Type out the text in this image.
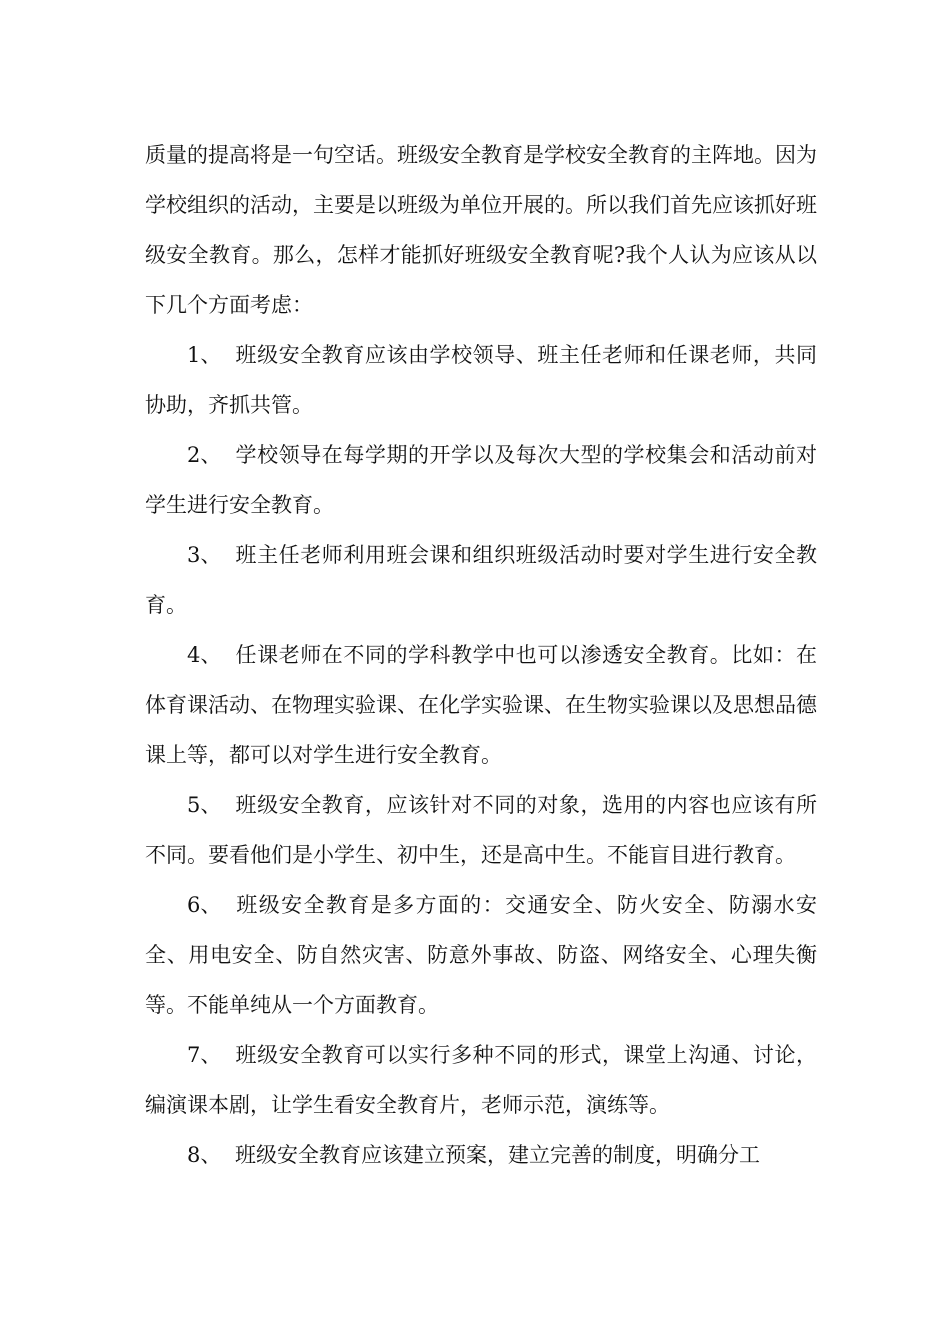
质量的提高将是一句空话。班级安全教育是学校安全教育的主阵地。因为学校组织的活动，主要是以班级为单位开展的。所以我们首先应该抓好班级安全教育。那么，怎样才能抓好班级安全教育呢?我个人认为应该从以下几个方面考虑：

1、 班级安全教育应该由学校领导、班主任老师和任课老师，共同协助，齐抓共管。

2、 学校领导在每学期的开学以及每次大型的学校集会和活动前对学生进行安全教育。

3、 班主任老师利用班会课和组织班级活动时要对学生进行安全教育。

4、 任课老师在不同的学科教学中也可以渗透安全教育。比如：在体育课活动、在物理实验课、在化学实验课、在生物实验课以及思想品德课上等，都可以对学生进行安全教育。

5、 班级安全教育，应该针对不同的对象，选用的内容也应该有所不同。要看他们是小学生、初中生，还是高中生。不能盲目进行教育。

6、 班级安全教育是多方面的：交通安全、防火安全、防溺水安全、用电安全、防自然灾害、防意外事故、防盗、网络安全、心理失衡等。不能单纯从一个方面教育。

7、 班级安全教育可以实行多种不同的形式，课堂上沟通、讨论，编演课本剧，让学生看安全教育片，老师示范，演练等。

8、 班级安全教育应该建立预案，建立完善的制度，明确分工
